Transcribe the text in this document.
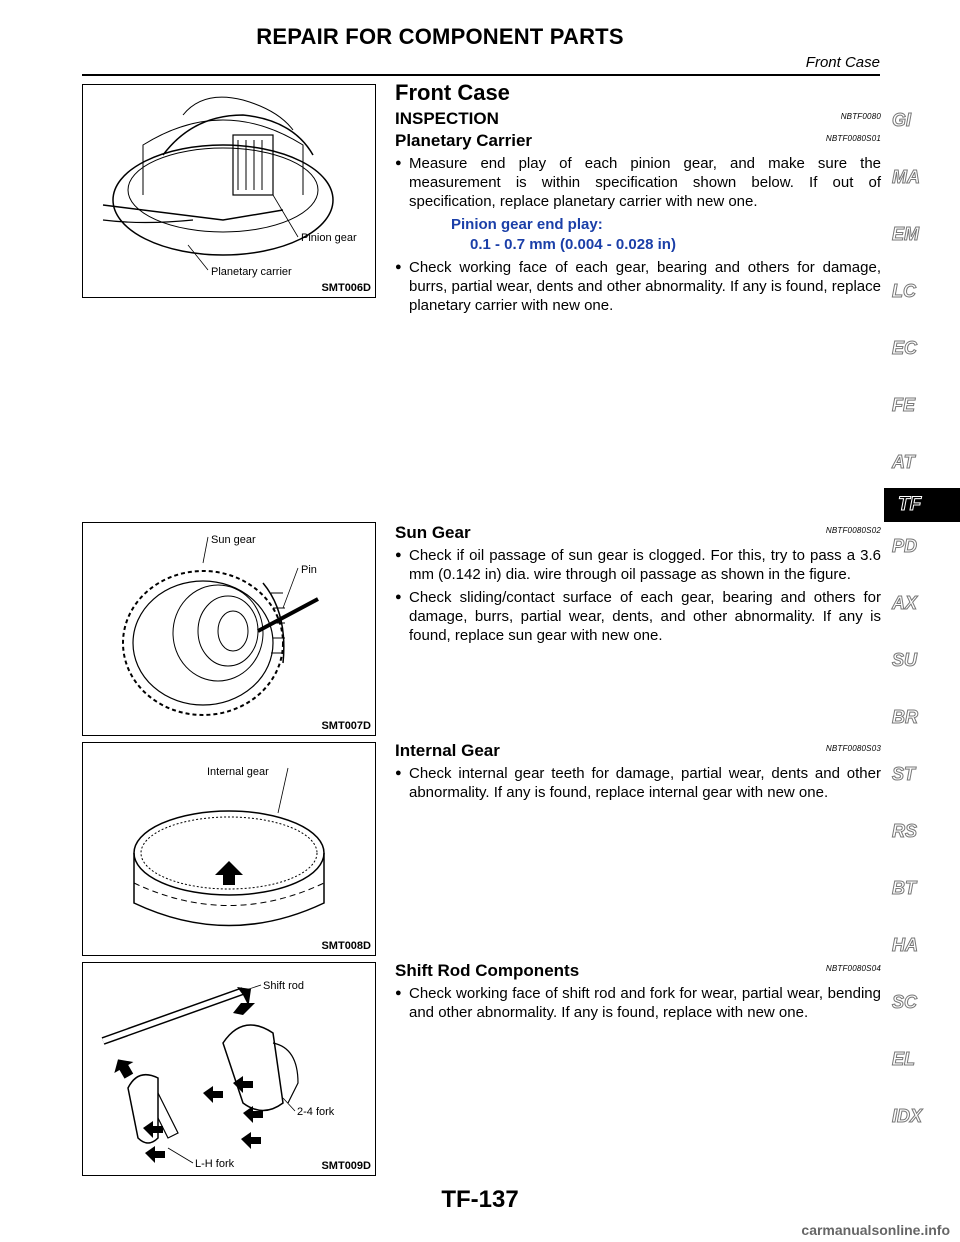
REPAIR FOR COMPONENT PARTS
Front Case
Pinion gear
Planetary carrier
SMT006D
Sun gear
Pin
SMT007D
Internal gear
SMT008D
Shift rod
2-4 fork
L-H fork	SMT009D
Front Case
INSPECTION	NBTF0080
Planetary Carrier	NBTF0080S01
● Measure end play of each pinion gear, and make sure the measurement is within specification shown below. If out of specification, replace planetary carrier with new one.
Pinion gear end play:
0.1 - 0.7 mm (0.004 - 0.028 in)
● Check working face of each gear, bearing and others for damage, burrs, partial wear, dents and other abnormality. If any is found, replace planetary carrier with new one.
Sun Gear	NBTF0080S02
● Check if oil passage of sun gear is clogged. For this, try to pass a 3.6 mm (0.142 in) dia. wire through oil passage as shown in the figure.
● Check sliding/contact surface of each gear, bearing and others for damage, burrs, partial wear, dents, and other abnormality. If any is found, replace sun gear with new one.
Internal Gear	NBTF0080S03
● Check internal gear teeth for damage, partial wear, dents and other abnormality. If any is found, replace internal gear with new one.
Shift Rod Components	NBTF0080S04
● Check working face of shift rod and fork for wear, partial wear, bending and other abnormality. If any is found, replace with new one.
GI
MA
EM
LC
EC
FE
AT
TF
PD
AX
SU
BR
ST
RS
BT
HA
SC
EL
IDX
TF-137
carmanualsonline.info
